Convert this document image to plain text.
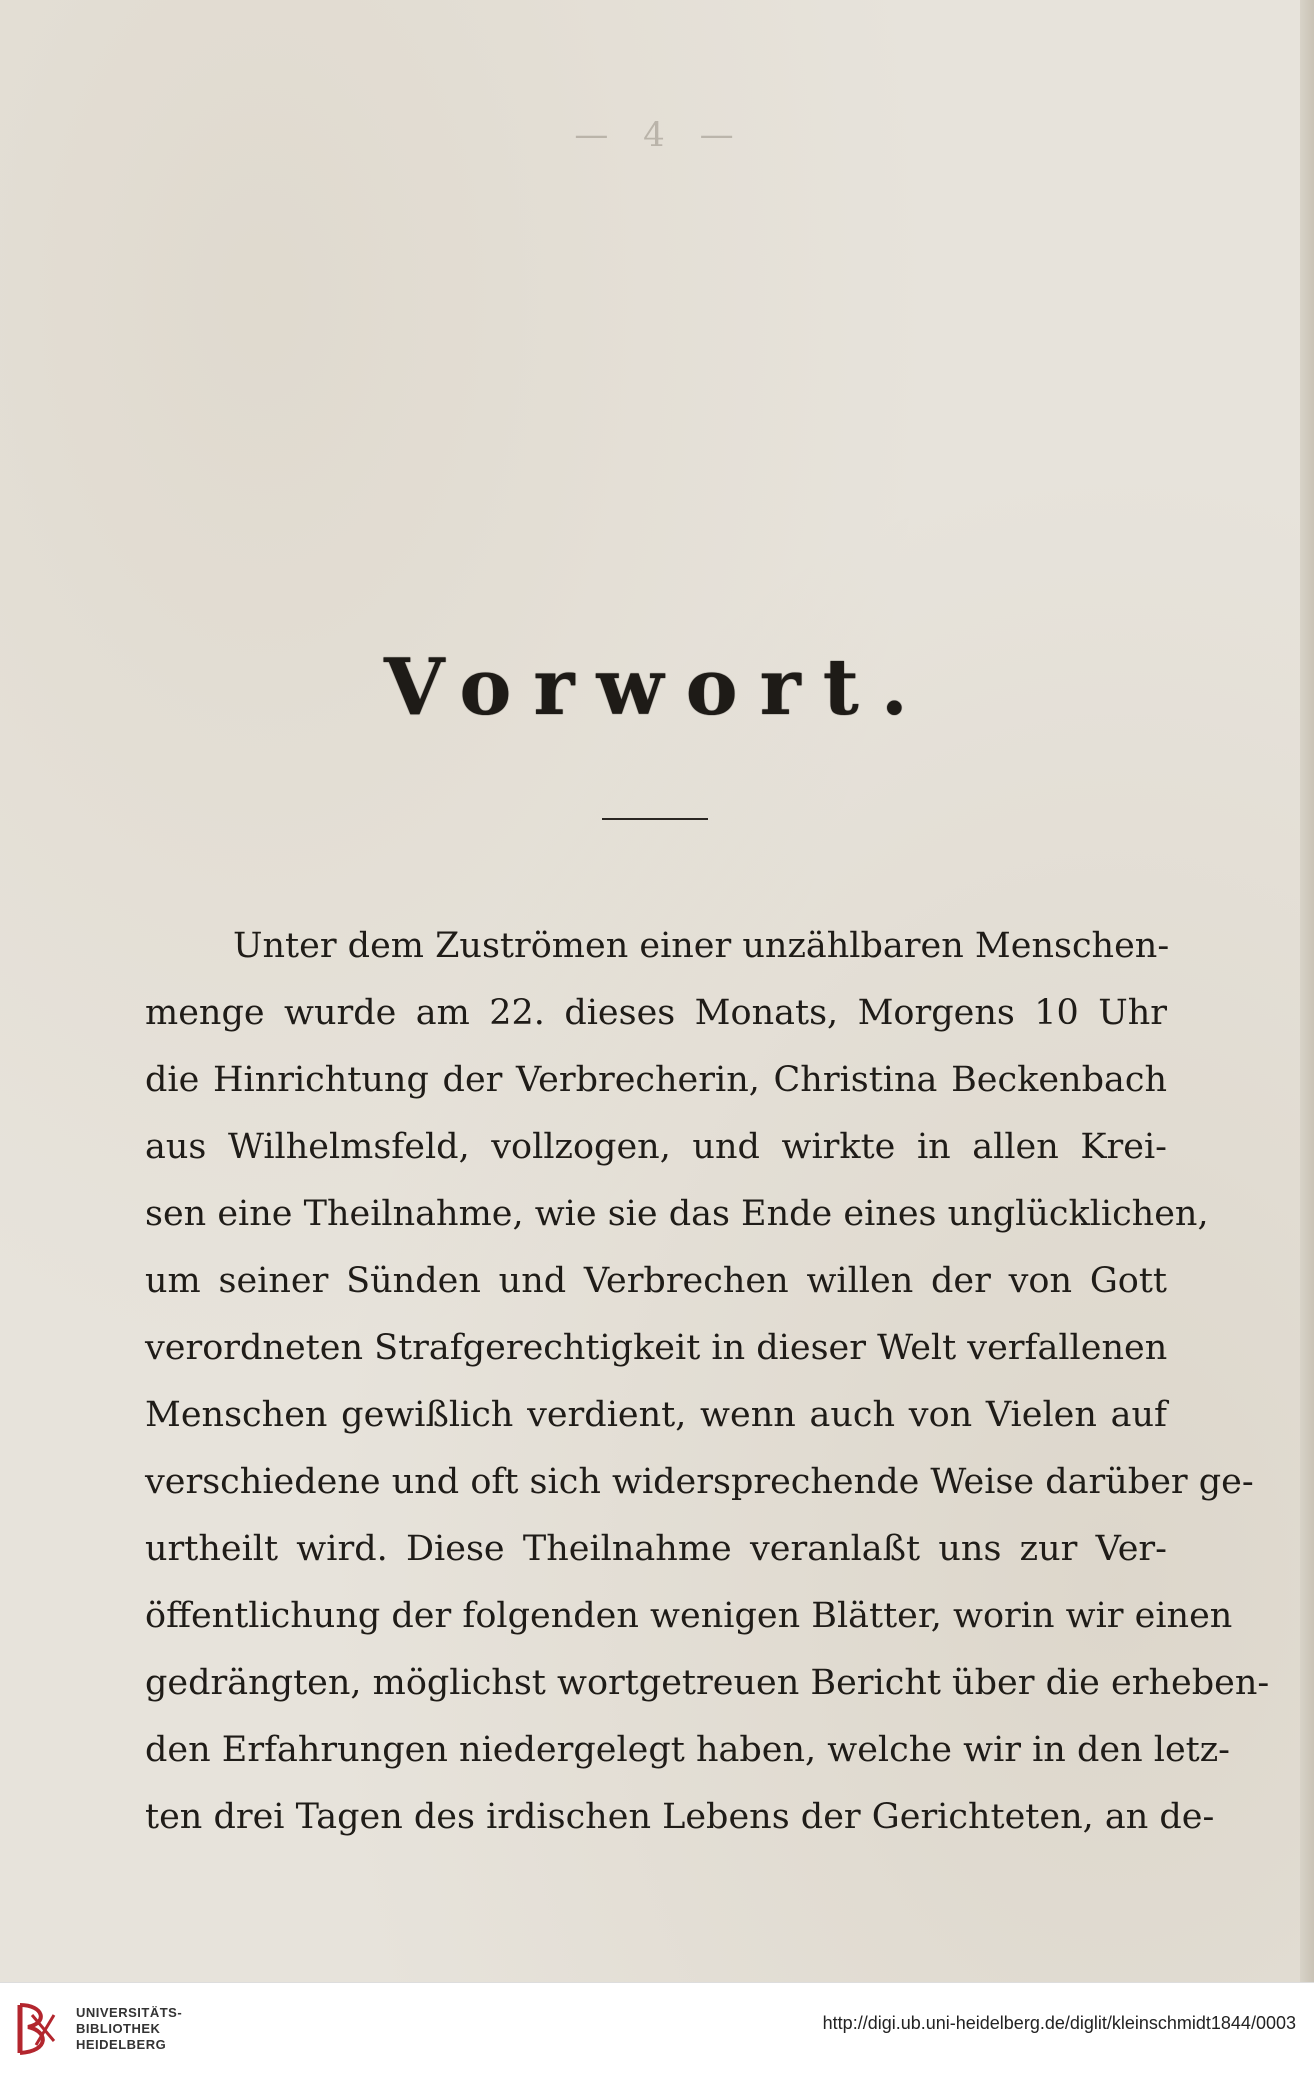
— 4 —
Vorwort.
Unter dem Zuströmen einer unzählbaren Menschen-
menge wurde am 22. dieses Monats, Morgens 10 Uhr
die Hinrichtung der Verbrecherin, Christina Beckenbach
aus Wilhelmsfeld, vollzogen, und wirkte in allen Krei-
sen eine Theilnahme, wie sie das Ende eines unglücklichen,
um seiner Sünden und Verbrechen willen der von Gott
verordneten Strafgerechtigkeit in dieser Welt verfallenen
Menschen gewißlich verdient, wenn auch von Vielen auf
verschiedene und oft sich widersprechende Weise darüber ge-
urtheilt wird. Diese Theilnahme veranlaßt uns zur Ver-
öffentlichung der folgenden wenigen Blätter, worin wir einen
gedrängten, möglichst wortgetreuen Bericht über die erheben-
den Erfahrungen niedergelegt haben, welche wir in den letz-
ten drei Tagen des irdischen Lebens der Gerichteten, an de-
UNIVERSITÄTS-
BIBLIOTHEK
HEIDELBERG
http://digi.ub.uni-heidelberg.de/diglit/kleinschmidt1844/0003
